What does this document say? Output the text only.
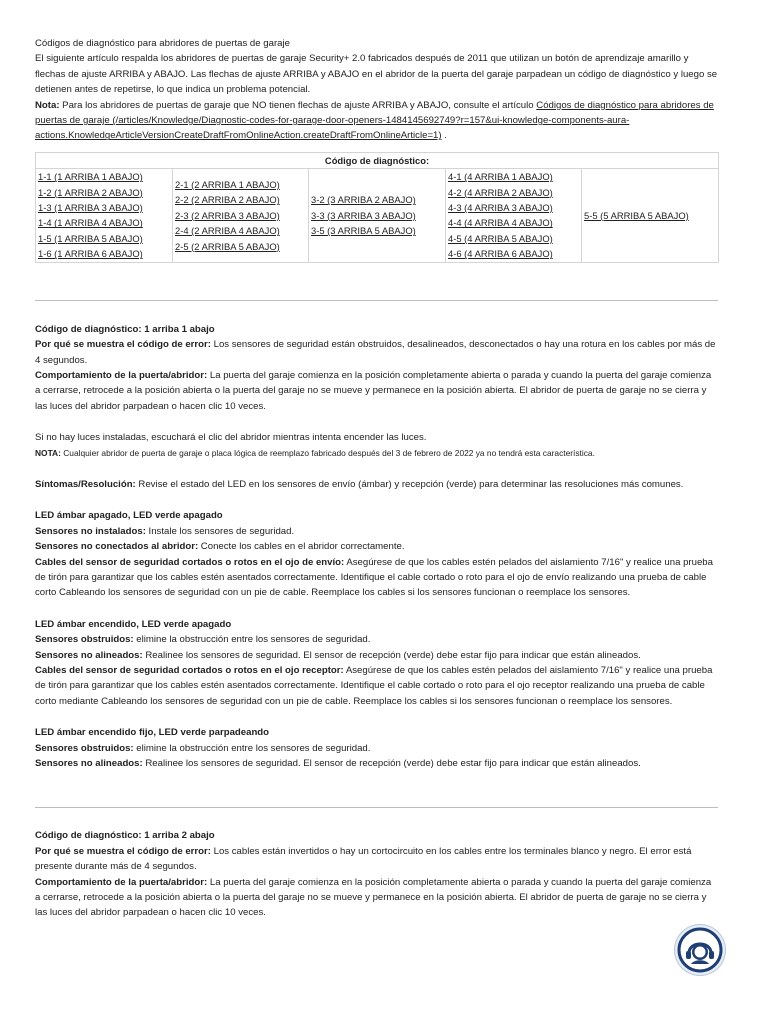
Códigos de diagnóstico para abridores de puertas de garaje

El siguiente artículo respalda los abridores de puertas de garaje Security+ 2.0 fabricados después de 2011 que utilizan un botón de aprendizaje amarillo y flechas de ajuste ARRIBA y ABAJO. Las flechas de ajuste ARRIBA y ABAJO en el abridor de la puerta del garaje parpadean un código de diagnóstico y luego se detienen antes de repetirse, lo que indica un problema potencial.

Nota: Para los abridores de puertas de garaje que NO tienen flechas de ajuste ARRIBA y ABAJO, consulte el artículo Códigos de diagnóstico para abridores de puertas de garaje (/articles/Knowledge/Diagnostic-codes-for-garage-door-openers-1484145692749?r=157&ui-knowledge-components-aura-actions.KnowledgeArticleVersionCreateDraftFromOnlineAction.createDraftFromOnlineArticle=1) .

Código de diagnóstico:

1-1 (1 ARRIBA 1 ABAJO)
1-2 (1 ARRIBA 2 ABAJO)
1-3 (1 ARRIBA 3 ABAJO)
1-4 (1 ARRIBA 4 ABAJO)
1-5 (1 ARRIBA 5 ABAJO)
1-6 (1 ARRIBA 6 ABAJO)

2-1 (2 ARRIBA 1 ABAJO)
2-2 (2 ARRIBA 2 ABAJO)
2-3 (2 ARRIBA 3 ABAJO)
2-4 (2 ARRIBA 4 ABAJO)
2-5 (2 ARRIBA 5 ABAJO)

3-2 (3 ARRIBA 2 ABAJO)
3-3 (3 ARRIBA 3 ABAJO)
3-5 (3 ARRIBA 5 ABAJO)

4-1 (4 ARRIBA 1 ABAJO)
4-2 (4 ARRIBA 2 ABAJO)
4-3 (4 ARRIBA 3 ABAJO)
4-4 (4 ARRIBA 4 ABAJO)
4-5 (4 ARRIBA 5 ABAJO)
4-6 (4 ARRIBA 6 ABAJO)

5-5 (5 ARRIBA 5 ABAJO)

Código de diagnóstico: 1 arriba 1 abajo

Por qué se muestra el código de error: Los sensores de seguridad están obstruidos, desalineados, desconectados o hay una rotura en los cables por más de 4 segundos.

Comportamiento de la puerta/abridor: La puerta del garaje comienza en la posición completamente abierta o parada y cuando la puerta del garaje comienza a cerrarse, retrocede a la posición abierta o la puerta del garaje no se mueve y permanece en la posición abierta. El abridor de puerta de garaje no se cierra y las luces del abridor parpadean o hacen clic 10 veces.

Si no hay luces instaladas, escuchará el clic del abridor mientras intenta encender las luces.

NOTA: Cualquier abridor de puerta de garaje o placa lógica de reemplazo fabricado después del 3 de febrero de 2022 ya no tendrá esta característica.

Síntomas/Resolución: Revise el estado del LED en los sensores de envío (ámbar) y recepción (verde) para determinar las resoluciones más comunes.

LED ámbar apagado, LED verde apagado

Sensores no instalados: Instale los sensores de seguridad.

Sensores no conectados al abridor: Conecte los cables en el abridor correctamente.

Cables del sensor de seguridad cortados o rotos en el ojo de envío: Asegúrese de que los cables estén pelados del aislamiento 7/16" y realice una prueba de tirón para garantizar que los cables estén asentados correctamente. Identifique el cable cortado o roto para el ojo de envío realizando una prueba de cable corto Cableando los sensores de seguridad con un pie de cable. Reemplace los cables si los sensores funcionan o reemplace los sensores.

LED ámbar encendido, LED verde apagado

Sensores obstruidos: elimine la obstrucción entre los sensores de seguridad.

Sensores no alineados: Realinee los sensores de seguridad. El sensor de recepción (verde) debe estar fijo para indicar que están alineados.

Cables del sensor de seguridad cortados o rotos en el ojo receptor: Asegúrese de que los cables estén pelados del aislamiento 7/16" y realice una prueba de tirón para garantizar que los cables estén asentados correctamente. Identifique el cable cortado o roto para el ojo receptor realizando una prueba de cable corto mediante Cableando los sensores de seguridad con un pie de cable. Reemplace los cables si los sensores funcionan o reemplace los sensores.

LED ámbar encendido fijo, LED verde parpadeando

Sensores obstruidos: elimine la obstrucción entre los sensores de seguridad.

Sensores no alineados: Realinee los sensores de seguridad. El sensor de recepción (verde) debe estar fijo para indicar que están alineados.

Código de diagnóstico: 1 arriba 2 abajo

Por qué se muestra el código de error: Los cables están invertidos o hay un cortocircuito en los cables entre los terminales blanco y negro. El error está presente durante más de 4 segundos.

Comportamiento de la puerta/abridor: La puerta del garaje comienza en la posición completamente abierta o parada y cuando la puerta del garaje comienza a cerrarse, retrocede a la posición abierta o la puerta del garaje no se mueve y permanece en la posición abierta. El abridor de puerta de garaje no se cierra y las luces del abridor parpadean o hacen clic 10 veces.
